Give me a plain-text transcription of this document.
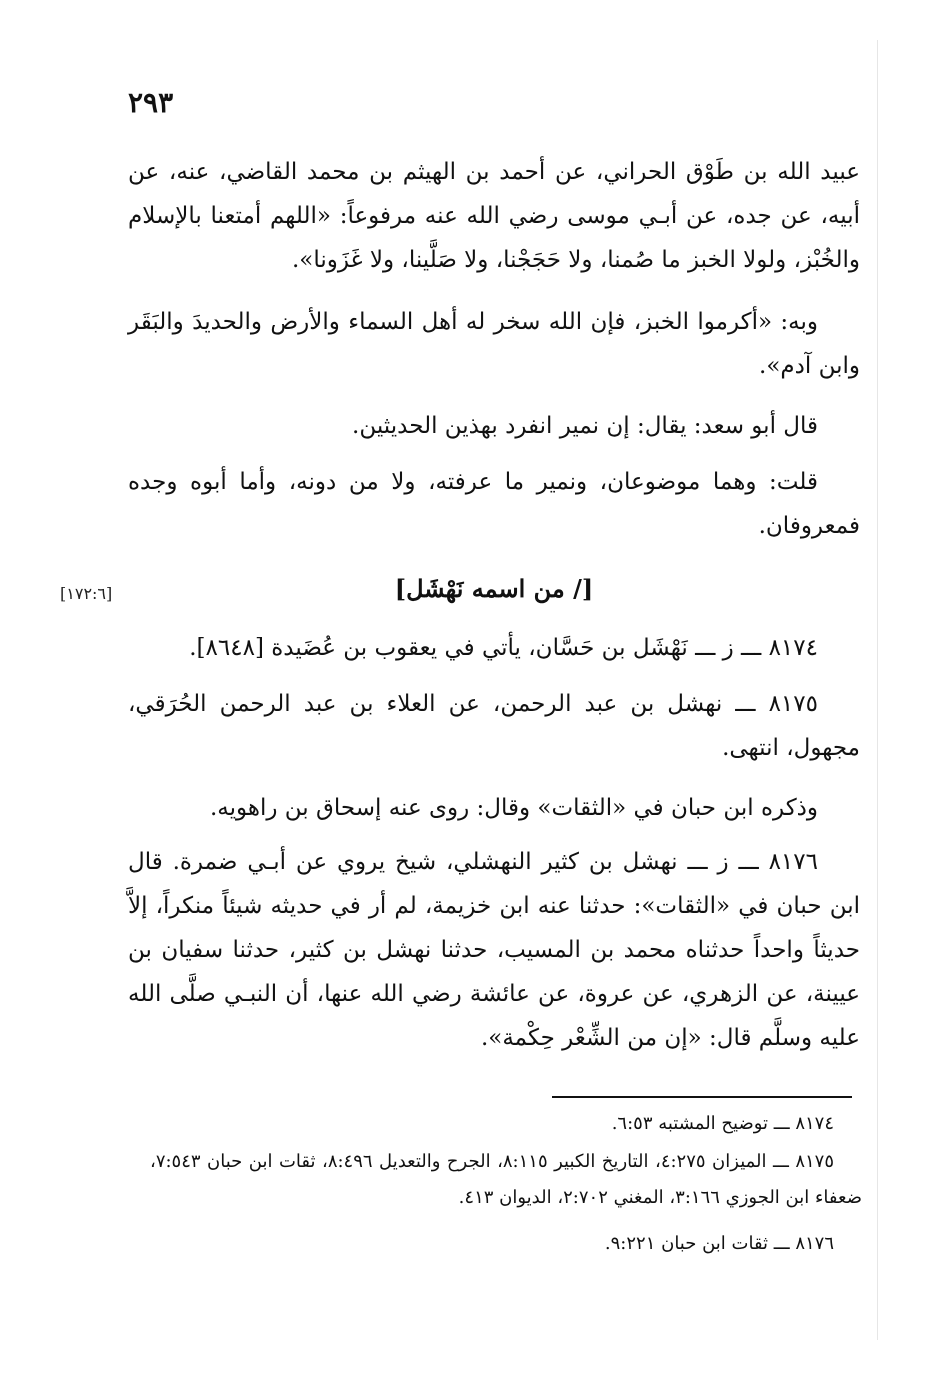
٢٩٣

عبيد الله بن طَوْق الحراني، عن أحمد بن الهيثم بن محمد القاضي، عنه، عن أبيه، عن جده، عن أبـي موسى رضي الله عنه مرفوعاً: «اللهم أمتعنا بالإسلام والخُبْز، ولولا الخبز ما صُمنا، ولا حَجَجْنا، ولا صَلَّينا، ولا غَزَونا».

وبه: «أكرموا الخبز، فإن الله سخر له أهل السماء والأرض والحديدَ والبَقَر وابن آدم».

قال أبو سعد: يقال: إن نمير انفرد بهذين الحديثين.

قلت: وهما موضوعان، ونمير ما عرفته، ولا من دونه، وأما أبوه وجده فمعروفان.

[/ من اسمه نَهْشَل]
[١٧٢:٦]

٨١٧٤ ـــ ز ـــ نَهْشَل بن حَسَّان، يأتي في يعقوب بن عُضَيدة [٨٦٤٨].

٨١٧٥ ـــ نهشل بن عبد الرحمن، عن العلاء بن عبد الرحمن الحُرَقي، مجهول، انتهى.

وذكره ابن حبان في «الثقات» وقال: روى عنه إسحاق بن راهويه.

٨١٧٦ ـــ ز ـــ نهشل بن كثير النهشلي، شيخ يروي عن أبـي ضمرة. قال ابن حبان في «الثقات»: حدثنا عنه ابن خزيمة، لم أر في حديثه شيئاً منكراً، إلاَّ حديثاً واحداً حدثناه محمد بن المسيب، حدثنا نهشل بن كثير، حدثنا سفيان بن عيينة، عن الزهري، عن عروة، عن عائشة رضي الله عنها، أن النبـي صلَّى الله عليه وسلَّم قال: «إن من الشِّعْر حِكْمة».

٨١٧٤ ـــ توضيح المشتبه ٦:٥٣.

٨١٧٥ ـــ الميزان ٤:٢٧٥، التاريخ الكبير ٨:١١٥، الجرح والتعديل ٨:٤٩٦، ثقات ابن حبان ٧:٥٤٣، ضعفاء ابن الجوزي ٣:١٦٦، المغني ٢:٧٠٢، الديوان ٤١٣.

٨١٧٦ ـــ ثقات ابن حبان ٩:٢٢١.
